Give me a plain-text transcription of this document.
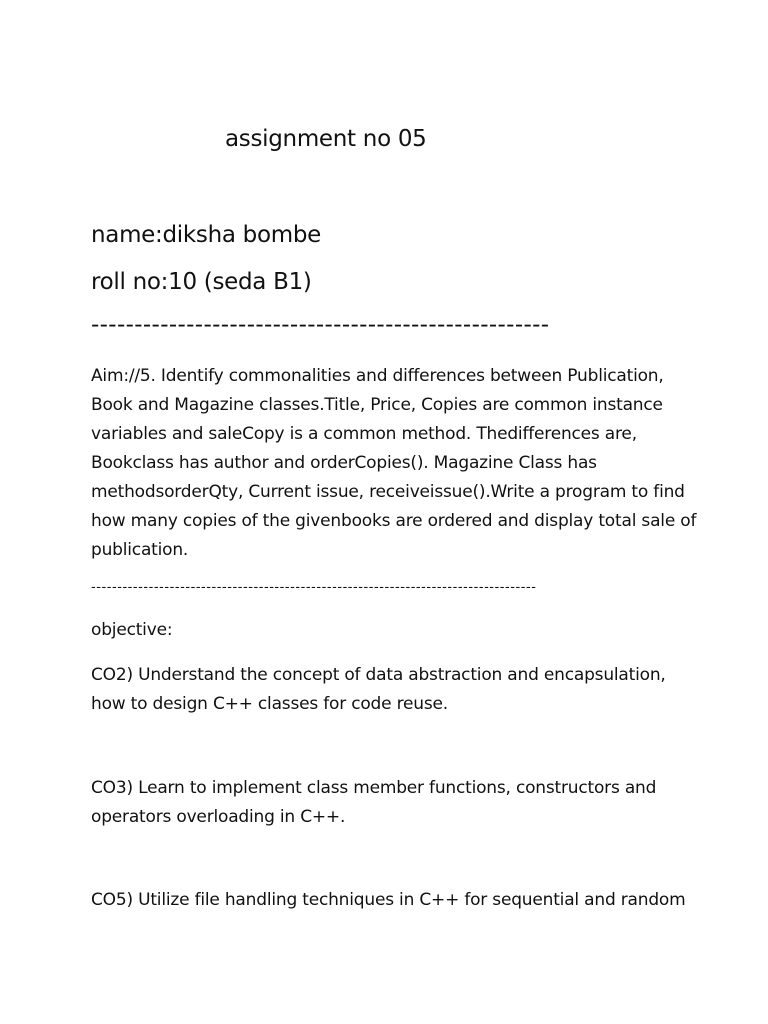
assignment no 05
name:diksha bombe
roll no:10 (seda B1)
-----------------------------------------------------

Aim://5. Identify commonalities and differences between Publication, Book and Magazine classes.Title, Price, Copies are common instance variables and saleCopy is a common method. Thedifferences are, Bookclass has author and orderCopies(). Magazine Class has methodsorderQty, Current issue, receiveissue().Write a program to find how many copies of the givenbooks are ordered and display total sale of publication.

-------------------------------------------------------------------------------------
objective:

CO2) Understand the concept of data abstraction and encapsulation, how to design C++ classes for code reuse.

CO3) Learn to implement class member functions, constructors and operators overloading in C++.

CO5) Utilize file handling techniques in C++ for sequential and random
